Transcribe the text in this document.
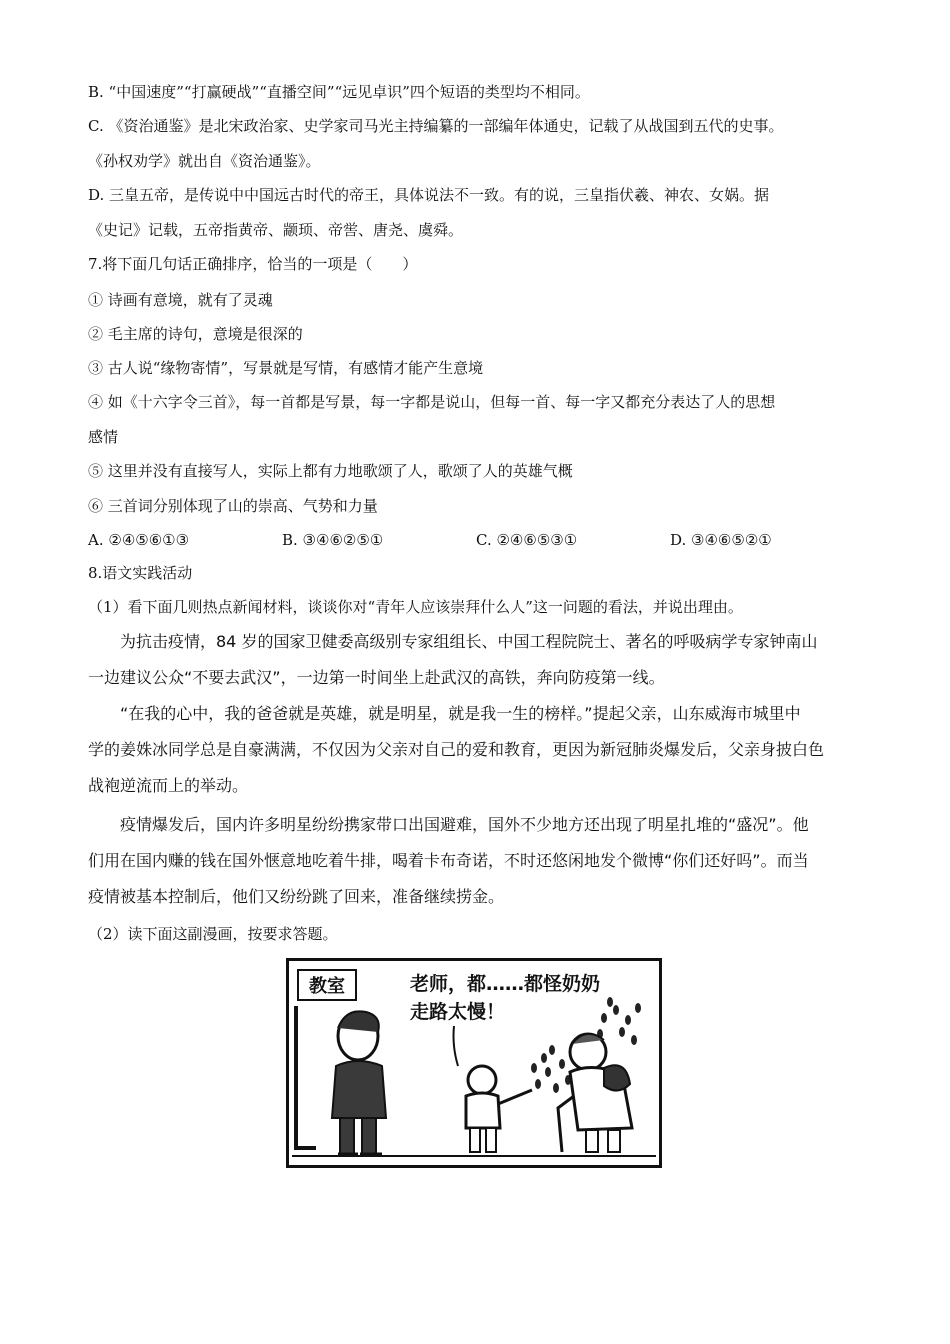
B. “中国速度”“打赢硬战”“直播空间”“远见卓识”四个短语的类型均不相同。
C. 《资治通鉴》是北宋政治家、史学家司马光主持编纂的一部编年体通史，记载了从战国到五代的史事。
《孙权劝学》就出自《资治通鉴》。
D. 三皇五帝，是传说中中国远古时代的帝王，具体说法不一致。有的说，三皇指伏羲、神农、女娲。据
《史记》记载，五帝指黄帝、颛顼、帝喾、唐尧、虞舜。
7.将下面几句话正确排序，恰当的一项是（　　）
① 诗画有意境，就有了灵魂
② 毛主席的诗句，意境是很深的
③ 古人说“缘物寄情”，写景就是写情，有感情才能产生意境
④ 如《十六字令三首》，每一首都是写景，每一字都是说山，但每一首、每一字又都充分表达了人的思想
感情
⑤ 这里并没有直接写人，实际上都有力地歌颂了人，歌颂了人的英雄气概
⑥ 三首词分别体现了山的崇高、气势和力量
A. ②④⑤⑥①③	B. ③④⑥②⑤①	C. ②④⑥⑤③①	D. ③④⑥⑤②①
8.语文实践活动
（1）看下面几则热点新闻材料，谈谈你对“青年人应该崇拜什么人”这一问题的看法，并说出理由。
为抗击疫情，84 岁的国家卫健委高级别专家组组长、中国工程院院士、著名的呼吸病学专家钟南山
一边建议公众“不要去武汉”，一边第一时间坐上赴武汉的高铁，奔向防疫第一线。
“在我的心中，我的爸爸就是英雄，就是明星，就是我一生的榜样。”提起父亲，山东威海市城里中
学的姜姝冰同学总是自豪满满，不仅因为父亲对自己的爱和教育，更因为新冠肺炎爆发后，父亲身披白色
战袍逆流而上的举动。
疫情爆发后，国内许多明星纷纷携家带口出国避难，国外不少地方还出现了明星扎堆的“盛况”。他
们用在国内赚的钱在国外惬意地吃着牛排，喝着卡布奇诺，不时还悠闲地发个微博“你们还好吗”。而当
疫情被基本控制后，他们又纷纷跳了回来，准备继续捞金。
（2）读下面这副漫画，按要求答题。
教室	老师，都……都怪奶奶
走路太慢！
